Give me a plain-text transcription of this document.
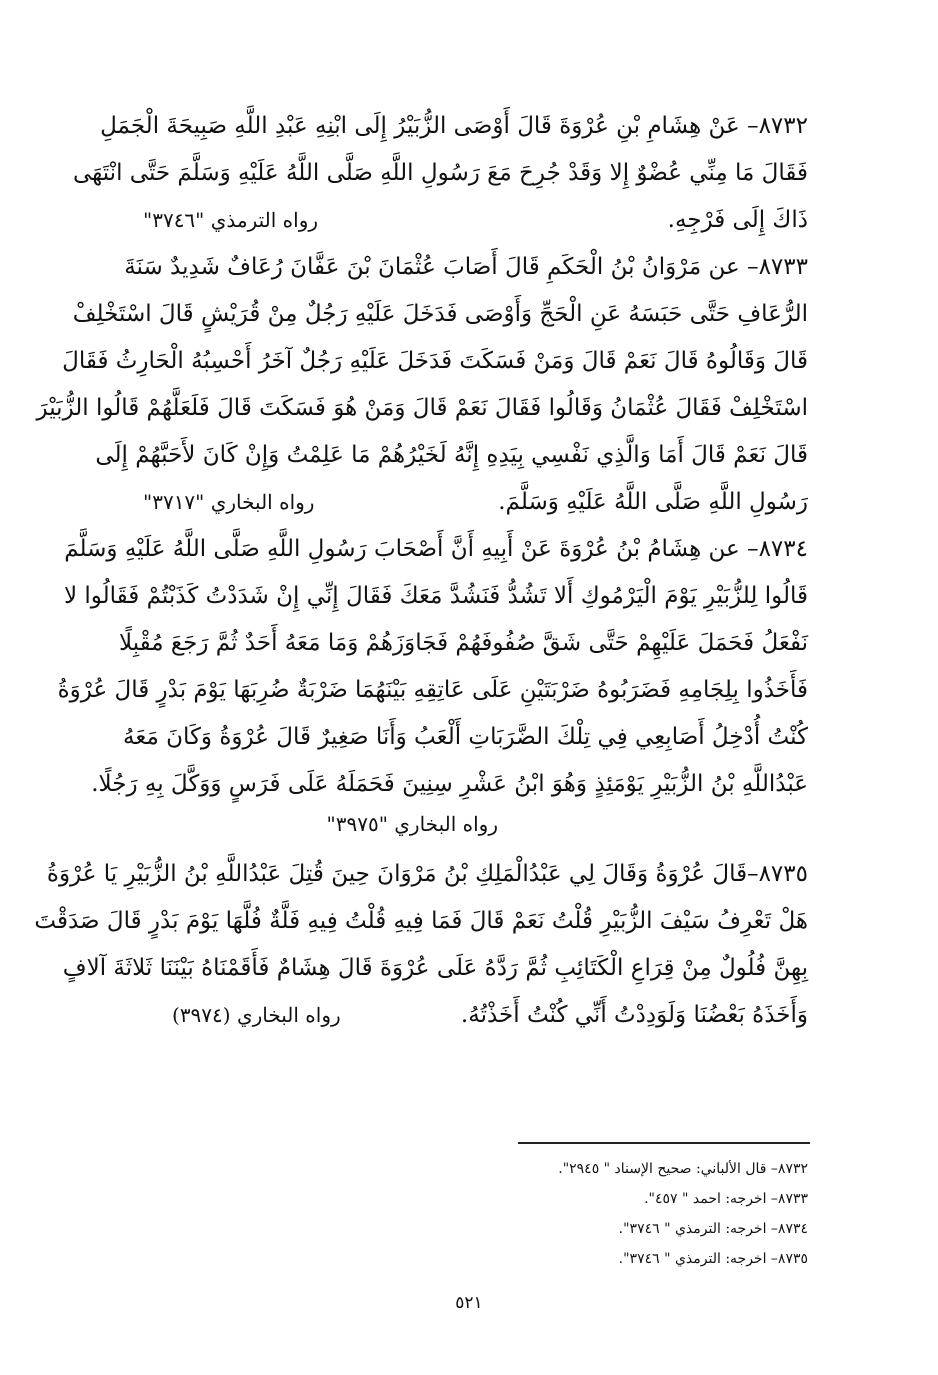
٨٧٣٢– عَنْ هِشَامِ بْنِ عُرْوَةَ قَالَ أَوْصَى الزُّبَيْرُ إِلَى ابْنِهِ عَبْدِ اللَّهِ صَبِيحَةَ الْجَمَلِ
فَقَالَ مَا مِنِّي عُضْوٌ إِلا وَقَدْ جُرِحَ مَعَ رَسُولِ اللَّهِ صَلَّى اللَّهُ عَلَيْهِ وَسَلَّمَ حَتَّى انْتَهَى
ذَاكَ إِلَى فَرْجِهِ.
رواه الترمذي "٣٧٤٦"
٨٧٣٣– عن مَرْوَانُ بْنُ الْحَكَمِ قَالَ أَصَابَ عُثْمَانَ بْنَ عَفَّانَ رُعَافٌ شَدِيدٌ سَنَةَ
الرُّعَافِ حَتَّى حَبَسَهُ عَنِ الْحَجِّ وَأَوْصَى فَدَخَلَ عَلَيْهِ رَجُلٌ مِنْ قُرَيْشٍ قَالَ اسْتَخْلِفْ
قَالَ وَقَالُوهُ قَالَ نَعَمْ قَالَ وَمَنْ فَسَكَتَ فَدَخَلَ عَلَيْهِ رَجُلٌ آخَرُ أَحْسِبُهُ الْحَارِثُ فَقَالَ
اسْتَخْلِفْ فَقَالَ عُثْمَانُ وَقَالُوا فَقَالَ نَعَمْ قَالَ وَمَنْ هُوَ فَسَكَتَ قَالَ فَلَعَلَّهُمْ قَالُوا الزُّبَيْرَ
قَالَ نَعَمْ قَالَ أَمَا وَالَّذِي نَفْسِي بِيَدِهِ إِنَّهُ لَخَيْرُهُمْ مَا عَلِمْتُ وَإِنْ كَانَ لأَحَبَّهُمْ إِلَى
رَسُولِ اللَّهِ صَلَّى اللَّهُ عَلَيْهِ وَسَلَّمَ.
رواه البخاري "٣٧١٧"
٨٧٣٤– عن هِشَامُ بْنُ عُرْوَةَ عَنْ أَبِيهِ أَنَّ أَصْحَابَ رَسُولِ اللَّهِ صَلَّى اللَّهُ عَلَيْهِ وَسَلَّمَ
قَالُوا لِلزُّبَيْرِ يَوْمَ الْيَرْمُوكِ أَلا تَشُدُّ فَنَشُدَّ مَعَكَ فَقَالَ إِنِّي إِنْ شَدَدْتُ كَذَبْتُمْ فَقَالُوا لا
نَفْعَلُ فَحَمَلَ عَلَيْهِمْ حَتَّى شَقَّ صُفُوفَهُمْ فَجَاوَزَهُمْ وَمَا مَعَهُ أَحَدٌ ثُمَّ رَجَعَ مُقْبِلًا
فَأَخَذُوا بِلِجَامِهِ فَضَرَبُوهُ ضَرْبَتَيْنِ عَلَى عَاتِقِهِ بَيْنَهُمَا ضَرْبَةٌ ضُرِبَهَا يَوْمَ بَدْرٍ قَالَ عُرْوَةُ
كُنْتُ أُدْخِلُ أَصَابِعِي فِي تِلْكَ الضَّرَبَاتِ أَلْعَبُ وَأَنَا صَغِيرٌ قَالَ عُرْوَةُ وَكَانَ مَعَهُ
عَبْدُاللَّهِ بْنُ الزُّبَيْرِ يَوْمَئِذٍ وَهُوَ ابْنُ عَشْرِ سِنِينَ فَحَمَلَهُ عَلَى فَرَسٍ وَوَكَّلَ بِهِ رَجُلًا.
رواه البخاري "٣٩٧٥"
٨٧٣٥–قَالَ عُرْوَةُ وَقَالَ لِي عَبْدُالْمَلِكِ بْنُ مَرْوَانَ حِينَ قُتِلَ عَبْدُاللَّهِ بْنُ الزُّبَيْرِ يَا عُرْوَةُ
هَلْ تَعْرِفُ سَيْفَ الزُّبَيْرِ قُلْتُ نَعَمْ قَالَ فَمَا فِيهِ قُلْتُ فِيهِ فَلَّةٌ فُلَّهَا يَوْمَ بَدْرٍ قَالَ صَدَقْتَ
بِهِنَّ فُلُولٌ مِنْ قِرَاعِ الْكَتَائِبِ ثُمَّ رَدَّهُ عَلَى عُرْوَةَ قَالَ هِشَامٌ فَأَقَمْنَاهُ بَيْنَنَا ثَلاثَةَ آلافٍ
وَأَخَذَهُ بَعْضُنَا وَلَوَدِدْتُ أَنِّي كُنْتُ أَخَذْتُهُ.
رواه البخاري (٣٩٧٤)
٨٧٣٢– قال الألباني: صحيح الإسناد " ٢٩٤٥".
٨٧٣٣– اخرجه: احمد " ٤٥٧".
٨٧٣٤– اخرجه: الترمذي " ٣٧٤٦".
٨٧٣٥– اخرجه: الترمذي " ٣٧٤٦".
٥٢١
